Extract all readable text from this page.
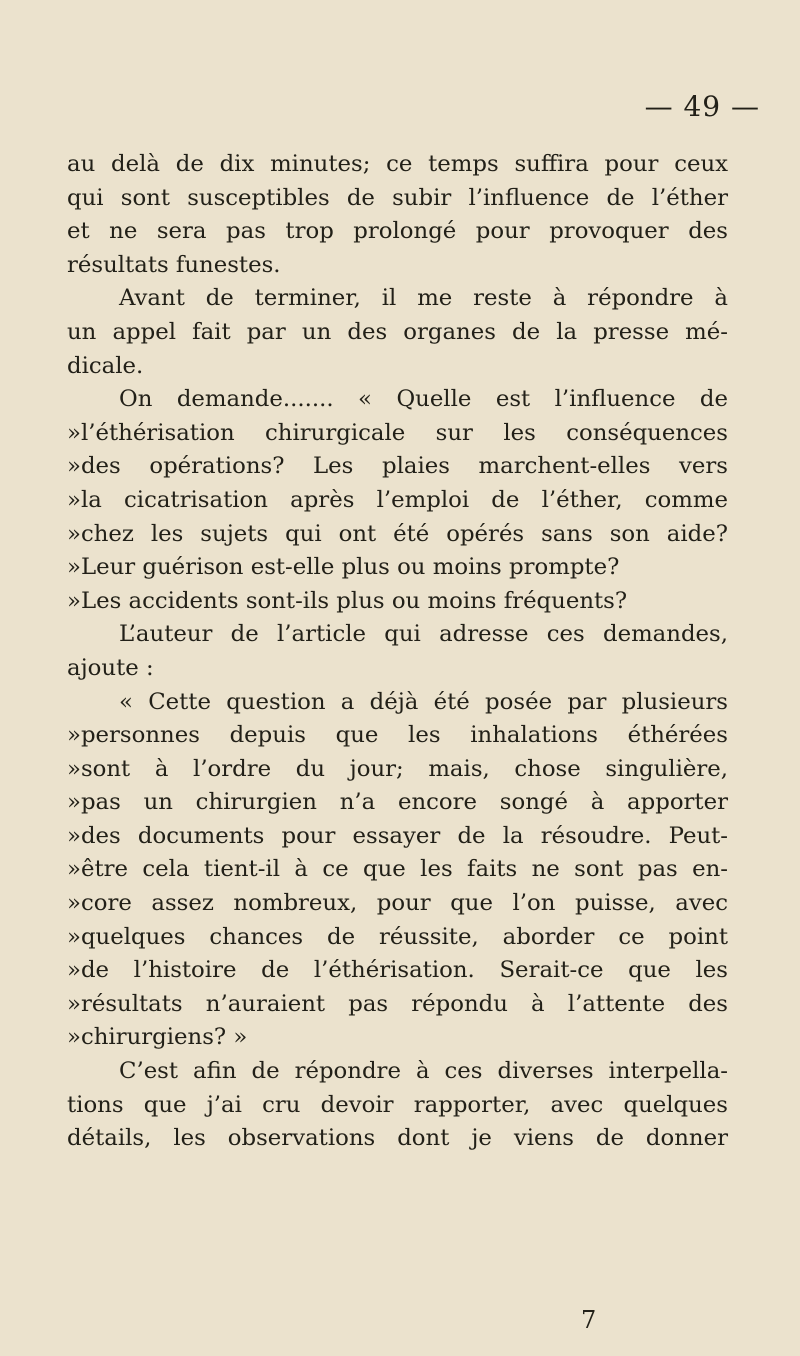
— 49 —
au delà de dix minutes; ce temps suffira pour ceux
qui sont susceptibles de subir l’influence de l’éther
et ne sera pas trop prolongé pour provoquer des
résultats funestes.
Avant de terminer, il me reste à répondre à
un appel fait par un des organes de la presse mé-
dicale.
On demande....... « Quelle est l’influence de
»l’éthérisation chirurgicale sur les conséquences
»des opérations? Les plaies marchent-elles vers
»la cicatrisation après l’emploi de l’éther, comme
»chez les sujets qui ont été opérés sans son aide?
»Leur guérison est-elle plus ou moins prompte?
»Les accidents sont-ils plus ou moins fréquents?
L’auteur de l’article qui adresse ces demandes,
ajoute :
« Cette question a déjà été posée par plusieurs
»personnes depuis que les inhalations éthérées
»sont à l’ordre du jour; mais, chose singulière,
»pas un chirurgien n’a encore songé à apporter
»des documents pour essayer de la résoudre. Peut-
»être cela tient-il à ce que les faits ne sont pas en-
»core assez nombreux, pour que l’on puisse, avec
»quelques chances de réussite, aborder ce point
»de l’histoire de l’éthérisation. Serait-ce que les
»résultats n’auraient pas répondu à l’attente des
»chirurgiens? »
C’est afin de répondre à ces diverses interpella-
tions que j’ai cru devoir rapporter, avec quelques
détails, les observations dont je viens de donner
7
